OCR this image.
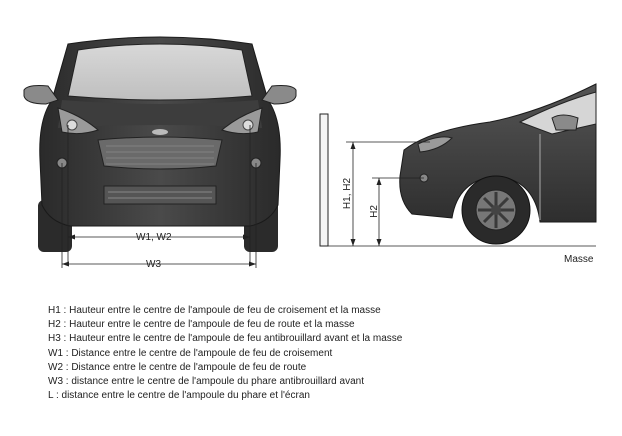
W1, W2
W3
H1, H2
H2
Masse
H1 : Hauteur entre le centre de l'ampoule de feu de croisement et la masse
H2 : Hauteur entre le centre de l'ampoule de feu de route et la masse
H3 : Hauteur entre le centre de l'ampoule de feu antibrouillard avant et la masse
W1 : Distance entre le centre de l'ampoule de feu de croisement
W2 : Distance entre le centre de l'ampoule de feu de route
W3 : distance entre le centre de l'ampoule du phare antibrouillard avant
L : distance entre le centre de l'ampoule du phare et l'écran
